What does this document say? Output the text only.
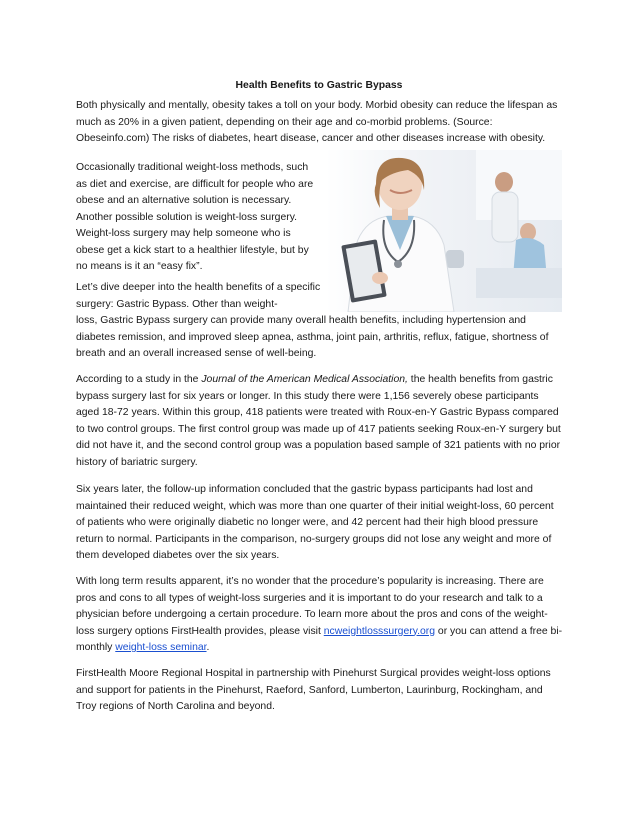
Health Benefits to Gastric Bypass

Both physically and mentally, obesity takes a toll on your body. Morbid obesity can reduce the lifespan as much as 20% in a given patient, depending on their age and co-morbid problems. (Source: Obeseinfo.com) The risks of diabetes, heart disease, cancer and other diseases increase with obesity.

Occasionally traditional weight-loss methods, such as diet and exercise, are difficult for people who are obese and an alternative solution is necessary. Another possible solution is weight-loss surgery. Weight-loss surgery may help someone who is obese get a kick start to a healthier lifestyle, but by no means is it an “easy fix”.

Let’s dive deeper into the health benefits of a specific surgery: Gastric Bypass. Other than weight-

loss, Gastric Bypass surgery can provide many overall health benefits, including hypertension and diabetes remission, and improved sleep apnea, asthma, joint pain, arthritis, reflux, fatigue, shortness of breath and an overall increased sense of well-being.

According to a study in the Journal of the American Medical Association, the health benefits from gastric bypass surgery last for six years or longer. In this study there were 1,156 severely obese participants aged 18-72 years. Within this group, 418 patients were treated with Roux-en-Y Gastric Bypass compared to two control groups. The first control group was made up of 417 patients seeking Roux-en-Y surgery but did not have it, and the second control group was a population based sample of 321 patients with no prior history of bariatric surgery.

Six years later, the follow-up information concluded that the gastric bypass participants had lost and maintained their reduced weight, which was more than one quarter of their initial weight-loss, 60 percent of patients who were originally diabetic no longer were, and 42 percent had their high blood pressure return to normal. Participants in the comparison, no-surgery groups did not lose any weight and more of them developed diabetes over the six years.

With long term results apparent, it’s no wonder that the procedure’s popularity is increasing. There are pros and cons to all types of weight-loss surgeries and it is important to do your research and talk to a physician before undergoing a certain procedure. To learn more about the pros and cons of the weight-loss surgery options FirstHealth provides, please visit ncweightlosssurgery.org or you can attend a free bi-monthly weight-loss seminar.

FirstHealth Moore Regional Hospital in partnership with Pinehurst Surgical provides weight-loss options and support for patients in the Pinehurst, Raeford, Sanford, Lumberton, Laurinburg, Rockingham, and Troy regions of North Carolina and beyond.
